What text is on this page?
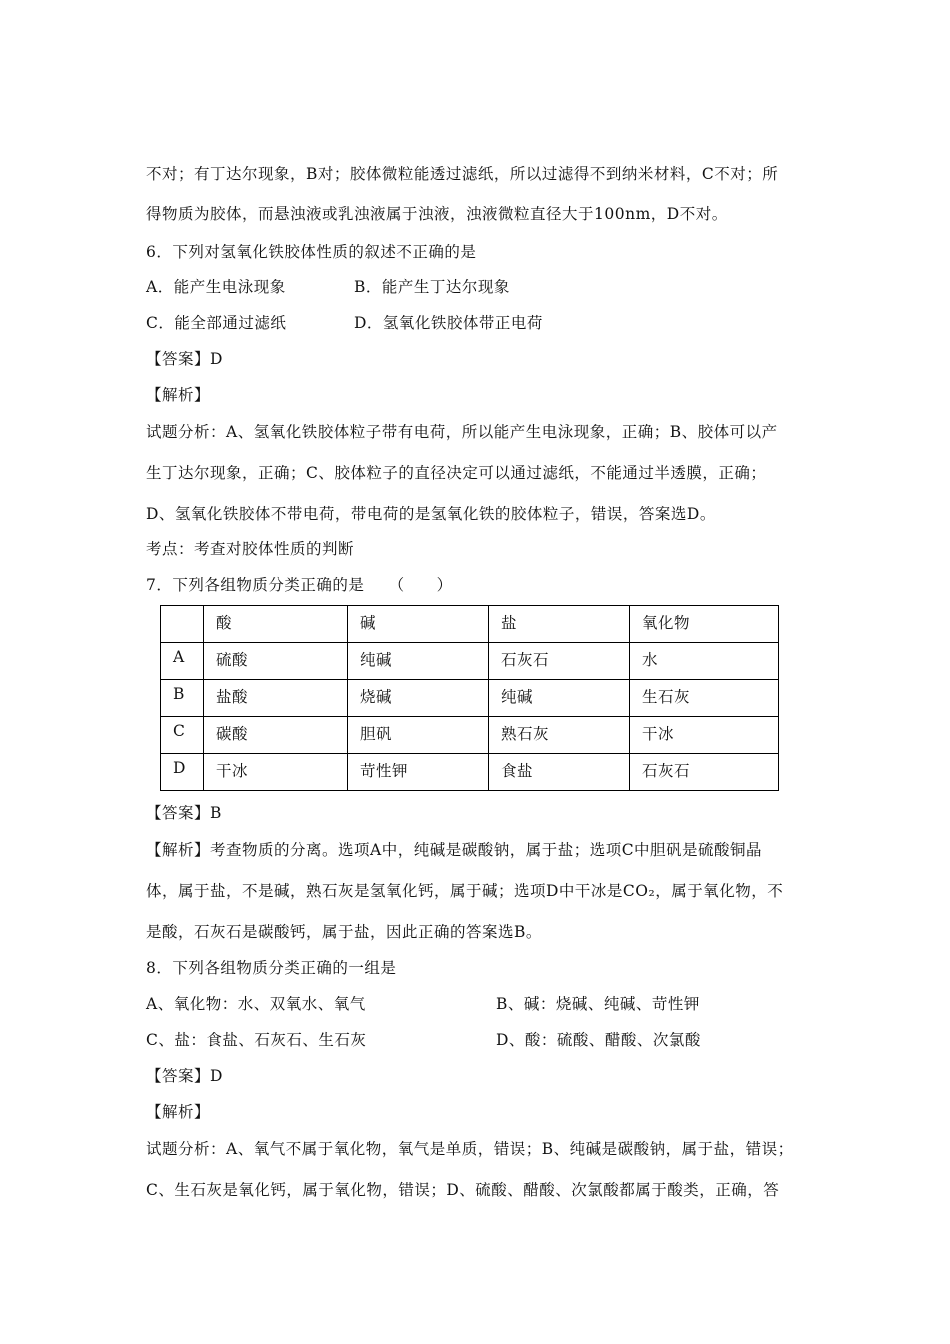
不对；有丁达尔现象，B对；胶体微粒能透过滤纸，所以过滤得不到纳米材料，C不对；所
得物质为胶体，而悬浊液或乳浊液属于浊液，浊液微粒直径大于100nm，D不对。
6．下列对氢氧化铁胶体性质的叙述不正确的是
A．能产生电泳现象	B．能产生丁达尔现象
C．能全部通过滤纸	D．氢氧化铁胶体带正电荷
【答案】D
【解析】
试题分析：A、氢氧化铁胶体粒子带有电荷，所以能产生电泳现象，正确；B、胶体可以产
生丁达尔现象，正确；C、胶体粒子的直径决定可以通过滤纸，不能通过半透膜，正确；
D、氢氧化铁胶体不带电荷，带电荷的是氢氧化铁的胶体粒子，错误，答案选D。
考点：考查对胶体性质的判断
7．下列各组物质分类正确的是　　（　　）
	酸	碱	盐	氧化物
A	硫酸	纯碱	石灰石	水
B	盐酸	烧碱	纯碱	生石灰
C	碳酸	胆矾	熟石灰	干冰
D	干冰	苛性钾	食盐	石灰石
【答案】B
【解析】考查物质的分离。选项A中，纯碱是碳酸钠，属于盐；选项C中胆矾是硫酸铜晶
体，属于盐，不是碱，熟石灰是氢氧化钙，属于碱；选项D中干冰是CO₂，属于氧化物，不
是酸，石灰石是碳酸钙，属于盐，因此正确的答案选B。
8．下列各组物质分类正确的一组是
A、氧化物：水、双氧水、氧气	B、碱：烧碱、纯碱、苛性钾
C、盐：食盐、石灰石、生石灰	D、酸：硫酸、醋酸、次氯酸
【答案】D
【解析】
试题分析：A、氧气不属于氧化物，氧气是单质，错误；B、纯碱是碳酸钠，属于盐，错误；
C、生石灰是氧化钙，属于氧化物，错误；D、硫酸、醋酸、次氯酸都属于酸类，正确，答
